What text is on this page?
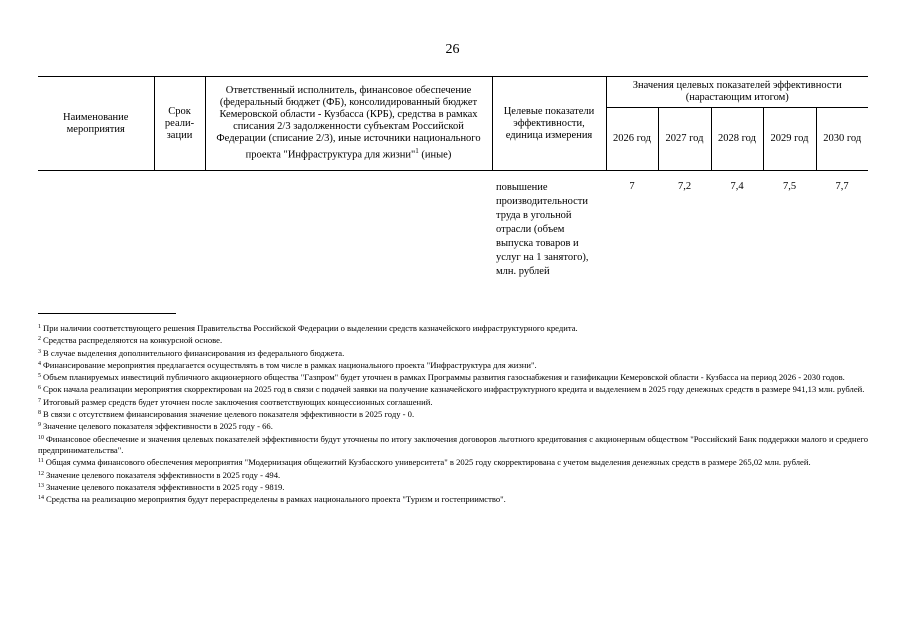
26
Наименование мероприятия	Срок реали-зации	Ответственный исполнитель, финансовое обеспечение (федеральный бюджет (ФБ), консолидированный бюджет Кемеровской области - Кузбасса (КРБ), средства в рамках списания 2/3 задолженности субъектам Российской Федерации (списание 2/3), иные источники национального проекта "Инфраструктура для жизни"$^1$ (иные)	Целевые показатели эффективности, единица измерения	Значения целевых показателей эффективности (нарастающим итогом)				
				2026 год	2027 год	2028 год	2029 год	2030 год
			повышение производительности труда в угольной отрасли (объем выпуска товаров и услуг на 1 занятого), млн. рублей	7	7,2	7,4	7,5	7,7
$^1$ При наличии соответствующего решения Правительства Российской Федерации о выделении средств казначейского инфраструктурного кредита.
$^2$ Средства распределяются на конкурсной основе.
$^3$ В случае выделения дополнительного финансирования из федерального бюджета.
$^4$ Финансирование мероприятия предлагается осуществлять в том числе в рамках национального проекта "Инфраструктура для жизни".
$^5$ Объем планируемых инвестиций публичного акционерного общества "Газпром" будет уточнен в рамках Программы развития газоснабжения и газификации Кемеровской области - Кузбасса на период 2026 - 2030 годов.
$^6$ Срок начала реализации мероприятия скорректирован на 2025 год в связи с подачей заявки на получение казначейского инфраструктурного кредита и выделением в 2025 году денежных средств в размере 941,13 млн. рублей.
$^7$ Итоговый размер средств будет уточнен после заключения соответствующих концессионных соглашений.
$^8$ В связи с отсутствием финансирования значение целевого показателя эффективности в 2025 году - 0.
$^9$ Значение целевого показателя эффективности в 2025 году - 66.
$^{10}$ Финансовое обеспечение и значения целевых показателей эффективности будут уточнены по итогу заключения договоров льготного кредитования с акционерным обществом "Российский Банк поддержки малого и среднего предпринимательства".
$^{11}$ Общая сумма финансового обеспечения мероприятия "Модернизация общежитий Кузбасского университета" в 2025 году скорректирована с учетом выделения денежных средств в размере 265,02 млн. рублей.
$^{12}$ Значение целевого показателя эффективности в 2025 году - 494.
$^{13}$ Значение целевого показателя эффективности в 2025 году - 9819.
$^{14}$ Средства на реализацию мероприятия будут перераспределены в рамках национального проекта "Туризм и гостеприимство".
